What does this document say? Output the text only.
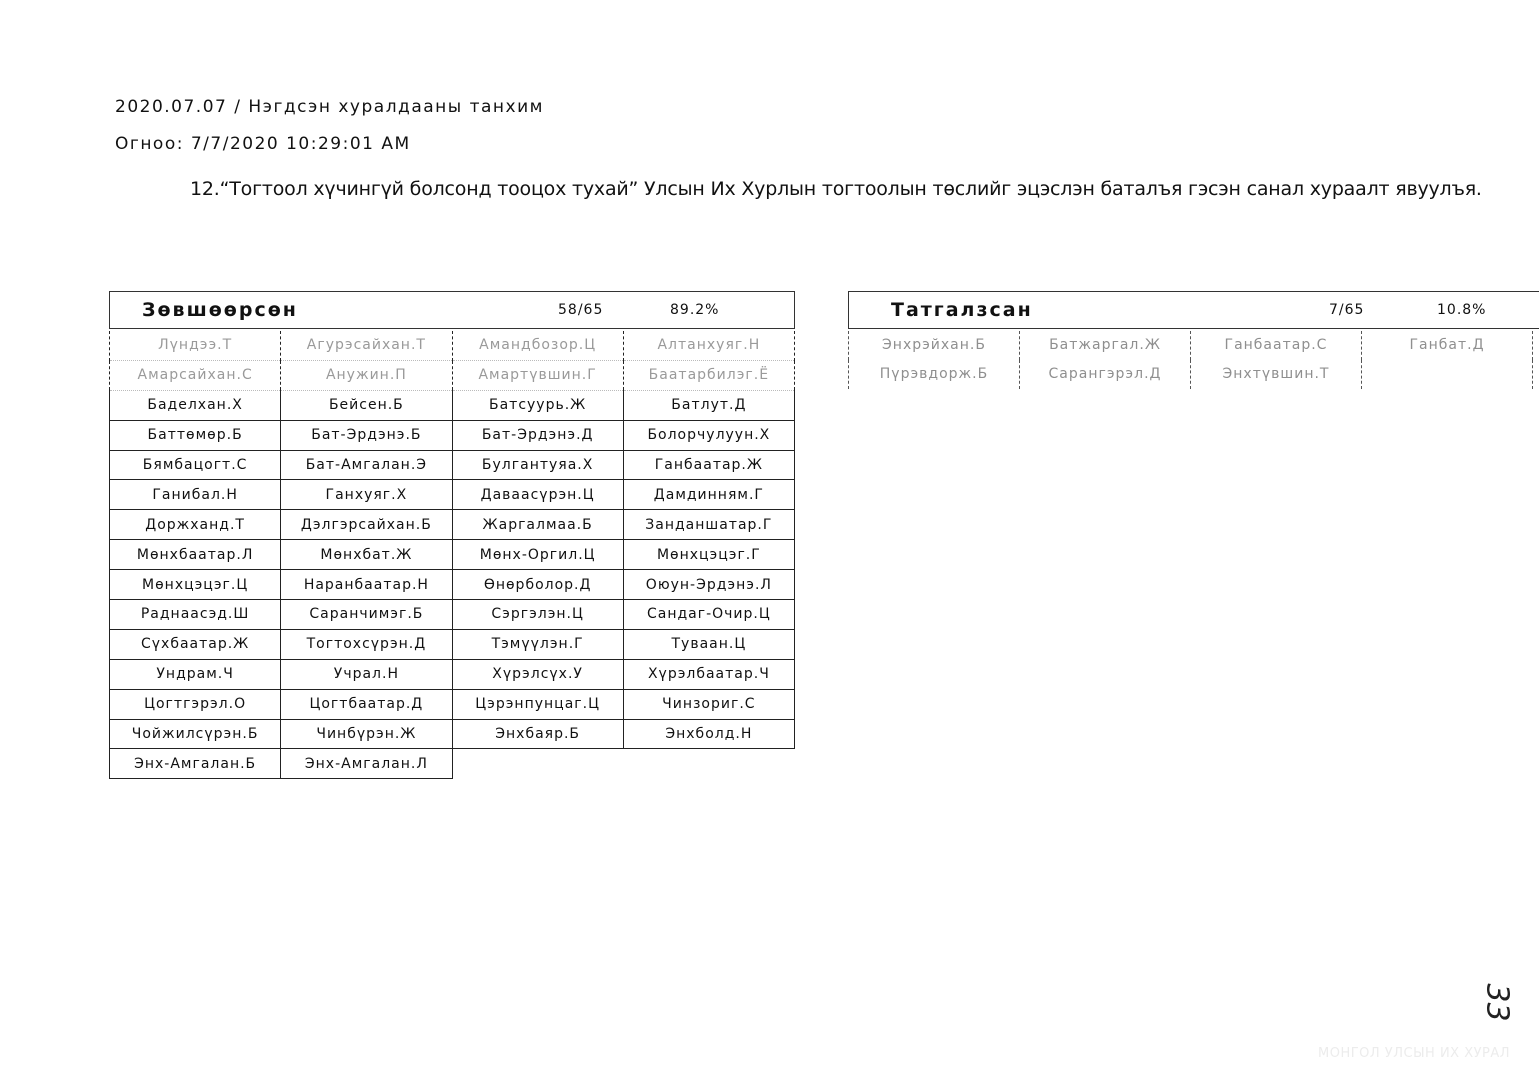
2020.07.07 / Нэгдсэн хуралдааны танхим
Огноо: 7/7/2020 10:29:01 AM
12.“Тогтоол хүчингүй болсонд тооцох тухай” Улсын Их Хурлын тогтоолын төслийг эцэслэн баталъя гэсэн санал хураалт явуулъя.
Зөвшөөрсөн	58/65	89.2%
Лүндээ.Т	Агурэсайхан.Т	Амандбозор.Ц	Алтанхуяг.Н
Амарсайхан.С	Анужин.П	Амартүвшин.Г	Баатарбилэг.Ё
Баделхан.Х	Бейсен.Б	Батсуурь.Ж	Батлут.Д
Баттөмөр.Б	Бат-Эрдэнэ.Б	Бат-Эрдэнэ.Д	Болорчулуун.Х
Бямбацогт.С	Бат-Амгалан.Э	Булгантуяа.Х	Ганбаатар.Ж
Ганибал.Н	Ганхуяг.Х	Даваасүрэн.Ц	Дамдинням.Г
Доржханд.Т	Дэлгэрсайхан.Б	Жаргалмаа.Б	Занданшатар.Г
Мөнхбаатар.Л	Мөнхбат.Ж	Мөнх-Оргил.Ц	Мөнхцэцэг.Г
Мөнхцэцэг.Ц	Наранбаатар.Н	Өнөрболор.Д	Оюун-Эрдэнэ.Л
Раднаасэд.Ш	Саранчимэг.Б	Сэргэлэн.Ц	Сандаг-Очир.Ц
Сүхбаатар.Ж	Тогтохсүрэн.Д	Тэмүүлэн.Г	Туваан.Ц
Ундрам.Ч	Учрал.Н	Хүрэлсүх.У	Хүрэлбаатар.Ч
Цогтгэрэл.О	Цогтбаатар.Д	Цэрэнпунцаг.Ц	Чинзориг.С
Чойжилсүрэн.Б	Чинбүрэн.Ж	Энхбаяр.Б	Энхболд.Н
Энх-Амгалан.Б	Энх-Амгалан.Л		
Татгалзсан	7/65	10.8%
Энхрэйхан.Б	Батжаргал.Ж	Ганбаатар.С	Ганбат.Д
Пүрэвдорж.Б	Сарангэрэл.Д	Энхтүвшин.Т	
33
МОНГОЛ УЛСЫН ИХ ХУРАЛ
